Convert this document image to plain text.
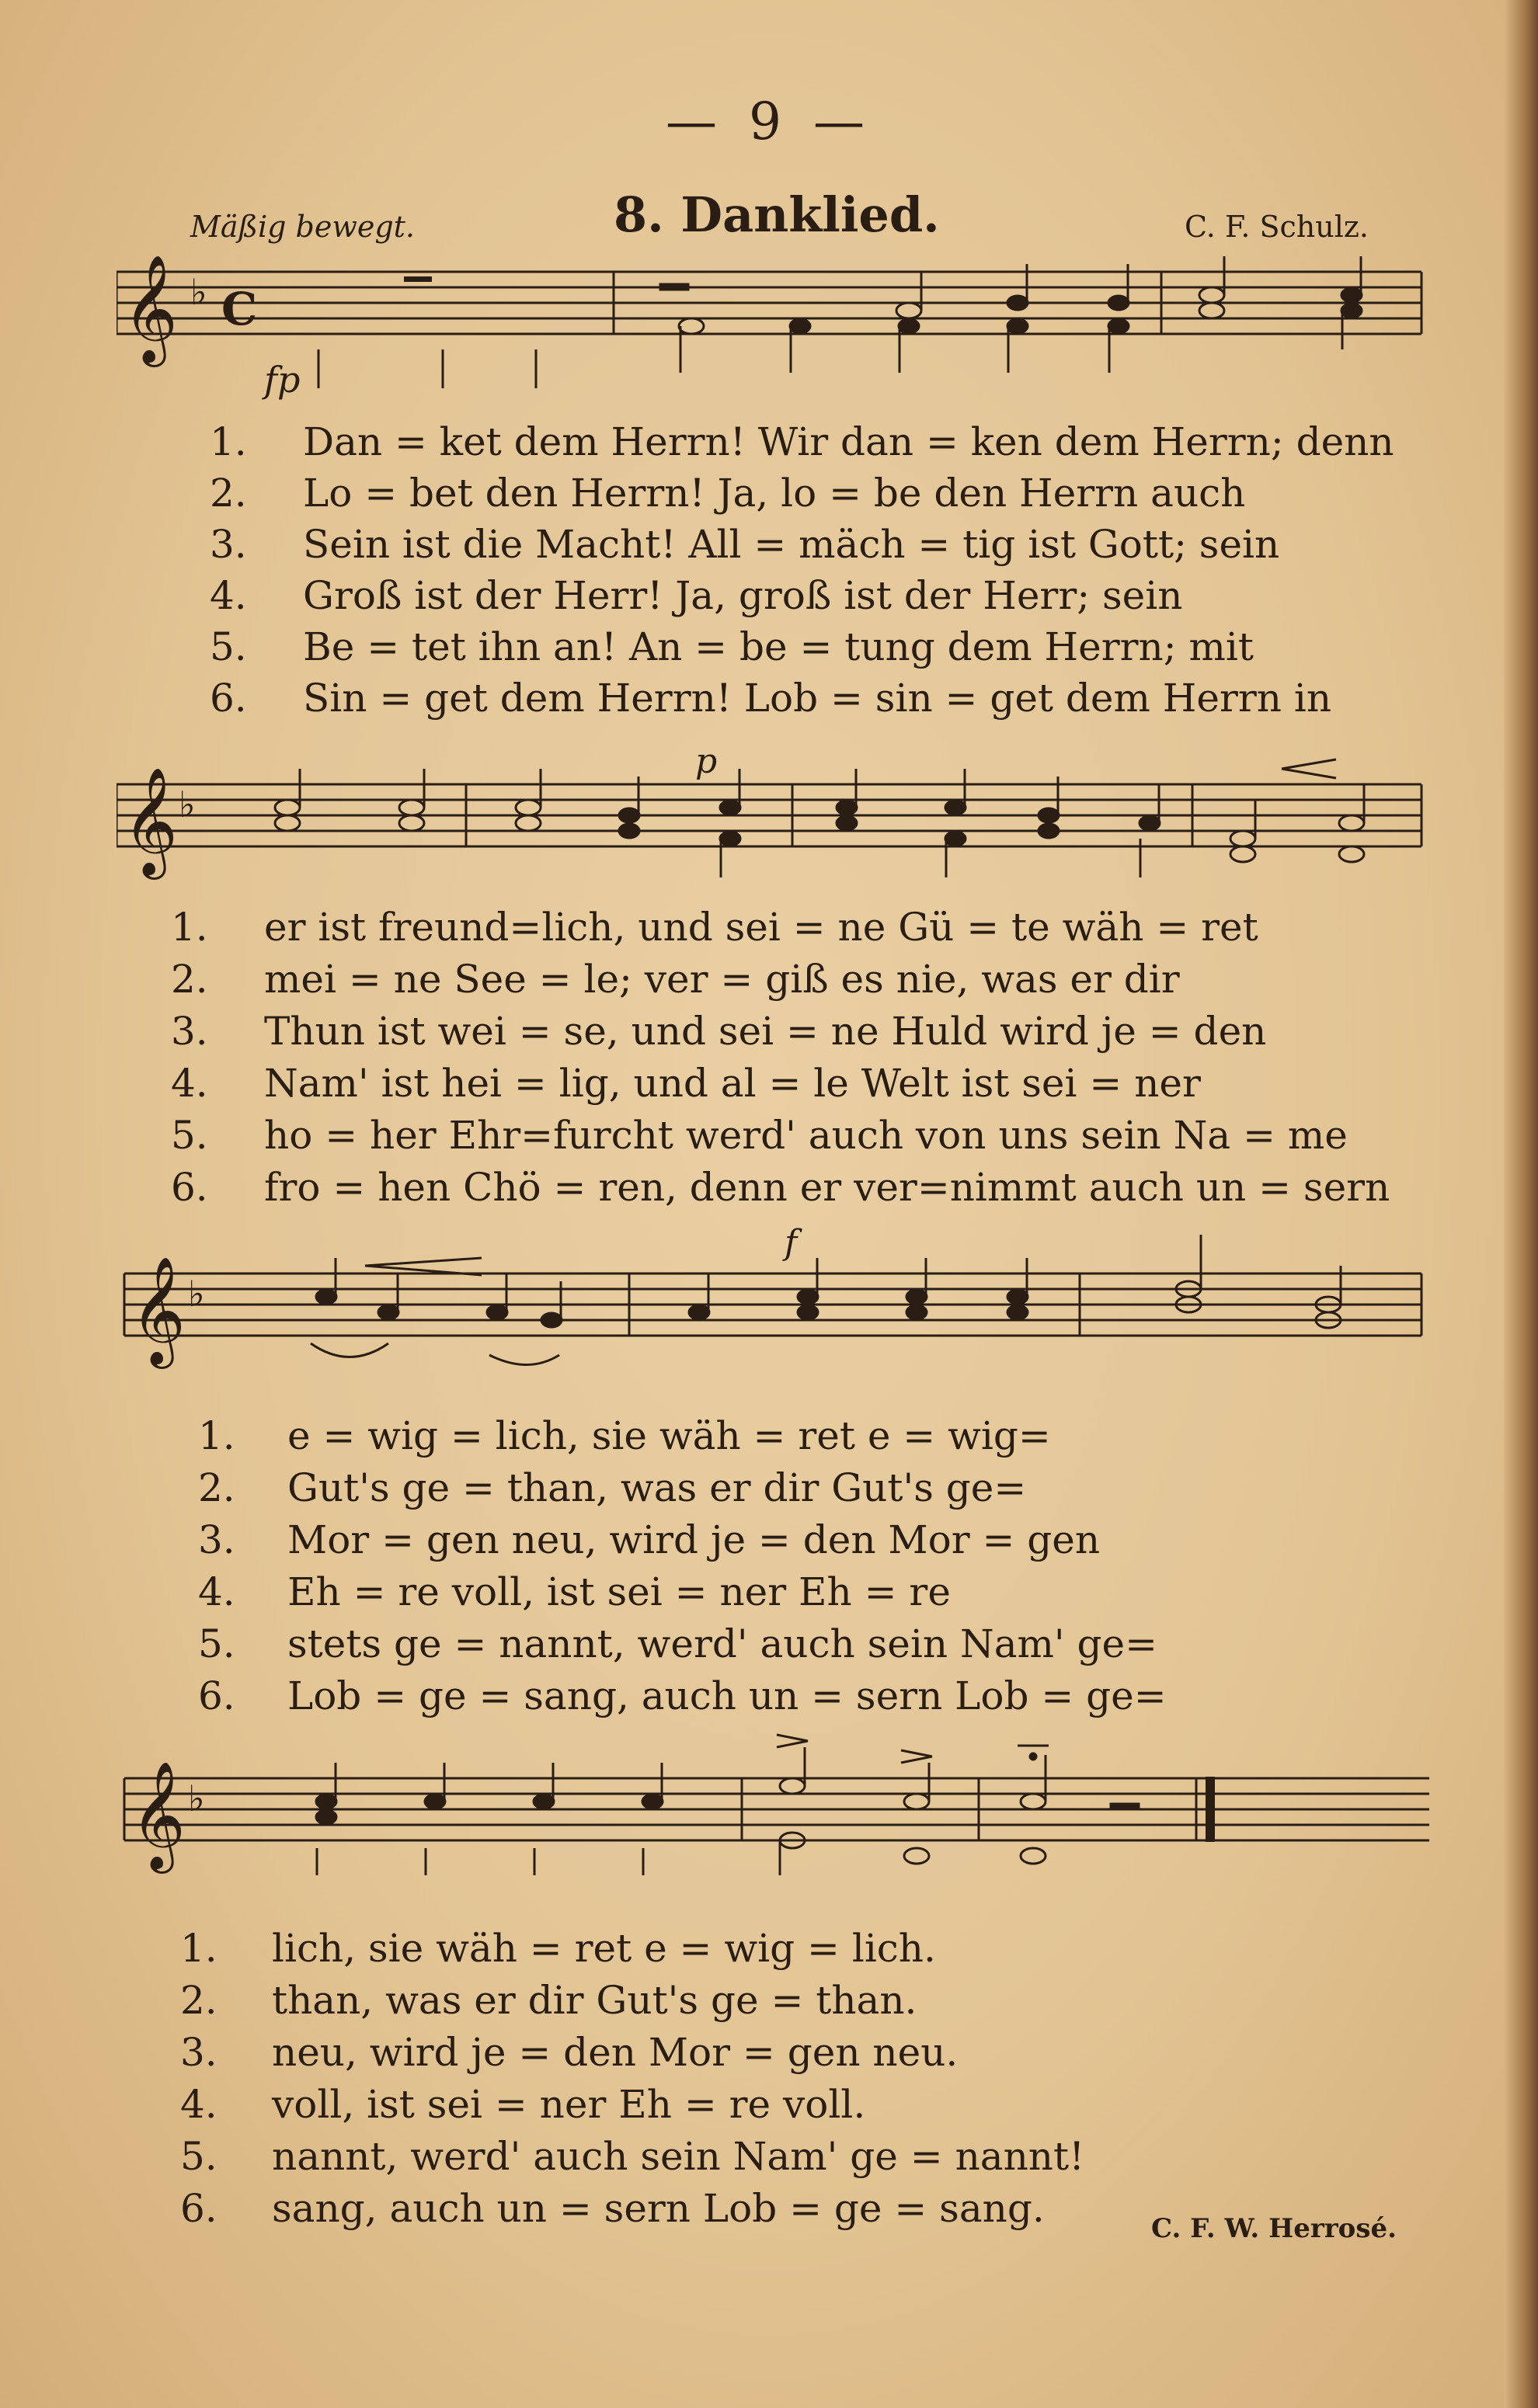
— 9 —
Mäßig bewegt.	8. Danklied.	C. F. Schulz.
𝄞 ♭ C
fp
1. Dan = ket dem Herrn! Wir dan = ken dem Herrn; denn
2. Lo = bet den Herrn! Ja, lo = be den Herrn auch
3. Sein ist die Macht! All = mäch = tig ist Gott; sein
4. Groß ist der Herr! Ja, groß ist der Herr; sein
5. Be = tet ihn an! An = be = tung dem Herrn; mit
6. Sin = get dem Herrn! Lob = sin = get dem Herrn in
𝄞 ♭
p
1. er ist freund=lich, und sei = ne Gü = te wäh = ret
2. mei = ne See = le; ver = giß es nie, was er dir
3. Thun ist wei = se, und sei = ne Huld wird je = den
4. Nam' ist hei = lig, und al = le Welt ist sei = ner
5. ho = her Ehr=furcht werd' auch von uns sein Na = me
6. fro = hen Chö = ren, denn er ver=nimmt auch un = sern
𝄞 ♭
f
1. e = wig = lich, sie wäh = ret e = wig=
2. Gut's ge = than, was er dir Gut's ge=
3. Mor = gen neu, wird je = den Mor = gen
4. Eh = re voll, ist sei = ner Eh = re
5. stets ge = nannt, werd' auch sein Nam' ge=
6. Lob = ge = sang, auch un = sern Lob = ge=
𝄞 ♭
1. lich, sie wäh = ret e = wig = lich.
2. than, was er dir Gut's ge = than.
3. neu, wird je = den Mor = gen neu.
4. voll, ist sei = ner Eh = re voll.
5. nannt, werd' auch sein Nam' ge = nannt!
6. sang, auch un = sern Lob = ge = sang.	C. F. W. Herrosé.
